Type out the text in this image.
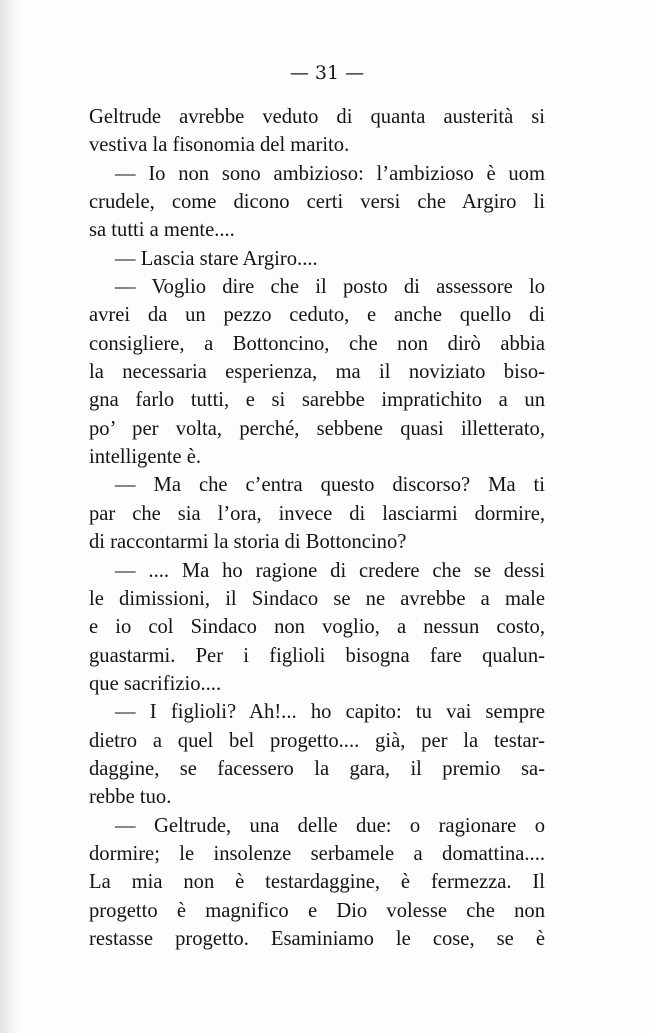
— 31 —
Geltrude avrebbe veduto di quanta austerità si
vestiva la fisonomia del marito.
— Io non sono ambizioso: l’ambizioso è uom
crudele, come dicono certi versi che Argiro li
sa tutti a mente....
— Lascia stare Argiro....
— Voglio dire che il posto di assessore lo
avrei da un pezzo ceduto, e anche quello di
consigliere, a Bottoncino, che non dirò abbia
la necessaria esperienza, ma il noviziato biso-
gna farlo tutti, e si sarebbe impratichito a un
po’ per volta, perché, sebbene quasi illetterato,
intelligente è.
— Ma che c’entra questo discorso? Ma ti
par che sia l’ora, invece di lasciarmi dormire,
di raccontarmi la storia di Bottoncino?
— .... Ma ho ragione di credere che se dessi
le dimissioni, il Sindaco se ne avrebbe a male
e io col Sindaco non voglio, a nessun costo,
guastarmi. Per i figlioli bisogna fare qualun-
que sacrifizio....
— I figlioli? Ah!... ho capito: tu vai sempre
dietro a quel bel progetto.... già, per la testar-
daggine, se facessero la gara, il premio sa-
rebbe tuo.
— Geltrude, una delle due: o ragionare o
dormire; le insolenze serbamele a domattina....
La mia non è testardaggine, è fermezza. Il
progetto è magnifico e Dio volesse che non
restasse progetto. Esaminiamo le cose, se è
